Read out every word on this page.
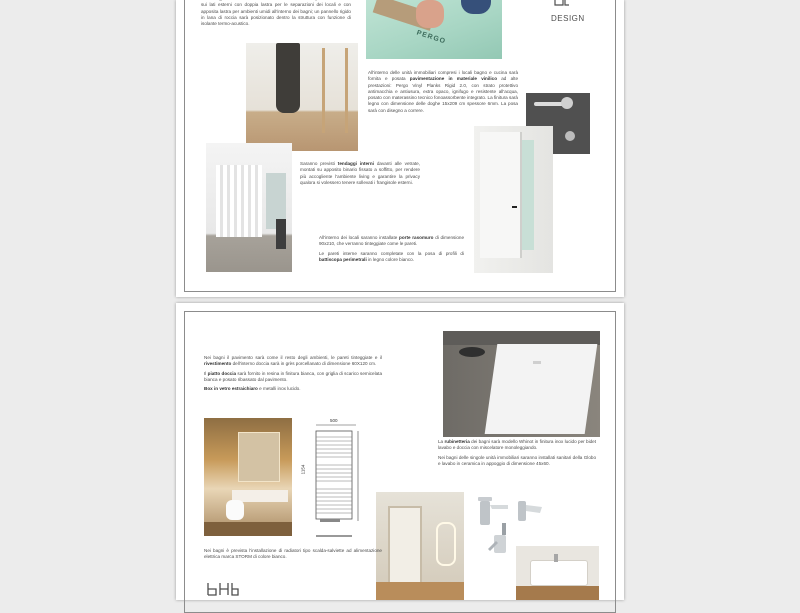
sui lati esterni con doppia lastra per le separazioni dei locali e con apposita lastra per ambienti umidi all'interno dei bagni; un pannello rigido in lana di roccia sarà posizionato dentro la struttura con funzione di isolante termo-acustico.

PERGO
DESIGN

All'interno delle unità immobiliari compresi i locali bagno e cucina sarà fornita e posata pavimentazione in materiale vinilico ad alte prestazioni: Pergo Vinyl Planks Rigid 2.0, con strato protettivo antimacchia e antiusura, extra opaco, ignifugo e resistente all'acqua, posato con materassino tecnico fonoassorbente integrato. La finitura sarà legno con dimensione delle doghe 15x209 cm spessore 6mm. La posa sarà con disegno a correre.

Saranno previsti tendaggi interni davanti alle vetrate, montati su apposito binario fissato a soffitto, per rendere più accogliente l'ambiente living e garantire la privacy qualora si volessero tenere sollevati i frangisole esterni.

All'interno dei locali saranno installate porte rasomuro di dimensione 90x210, che verranno tinteggiate come le pareti.

Le pareti interne saranno completate con la posa di profili di battiscopa perimetrali in legno colore bianco.

Nei bagni il pavimento sarà come il resto degli ambienti, le pareti tinteggiate e il rivestimento dell'interno doccia sarà in grès porcellanato di dimensione 60X120 cm.

Il piatto doccia sarà fornito in resina in finitura bianca, con griglia di scarico semicelata bianca e posato ribassato dal pavimento.

Box in vetro estraichiaro e metalli inox lucido.

500
1154

La rubinetteria dei bagni sarà modello Whinot in finitura inox lucido per bidet lavabo e doccia con miscelatore monoleggiando.

Nei bagni delle singole unità immobiliari saranno installati sanitari della Globo e lavabo in ceramica in appoggio di dimensione 45x60.

Nei bagni è prevista l'installazione di radiatori tipo scalda-salviette ad alimentazione elettrica marca STORM di colore bianco.
